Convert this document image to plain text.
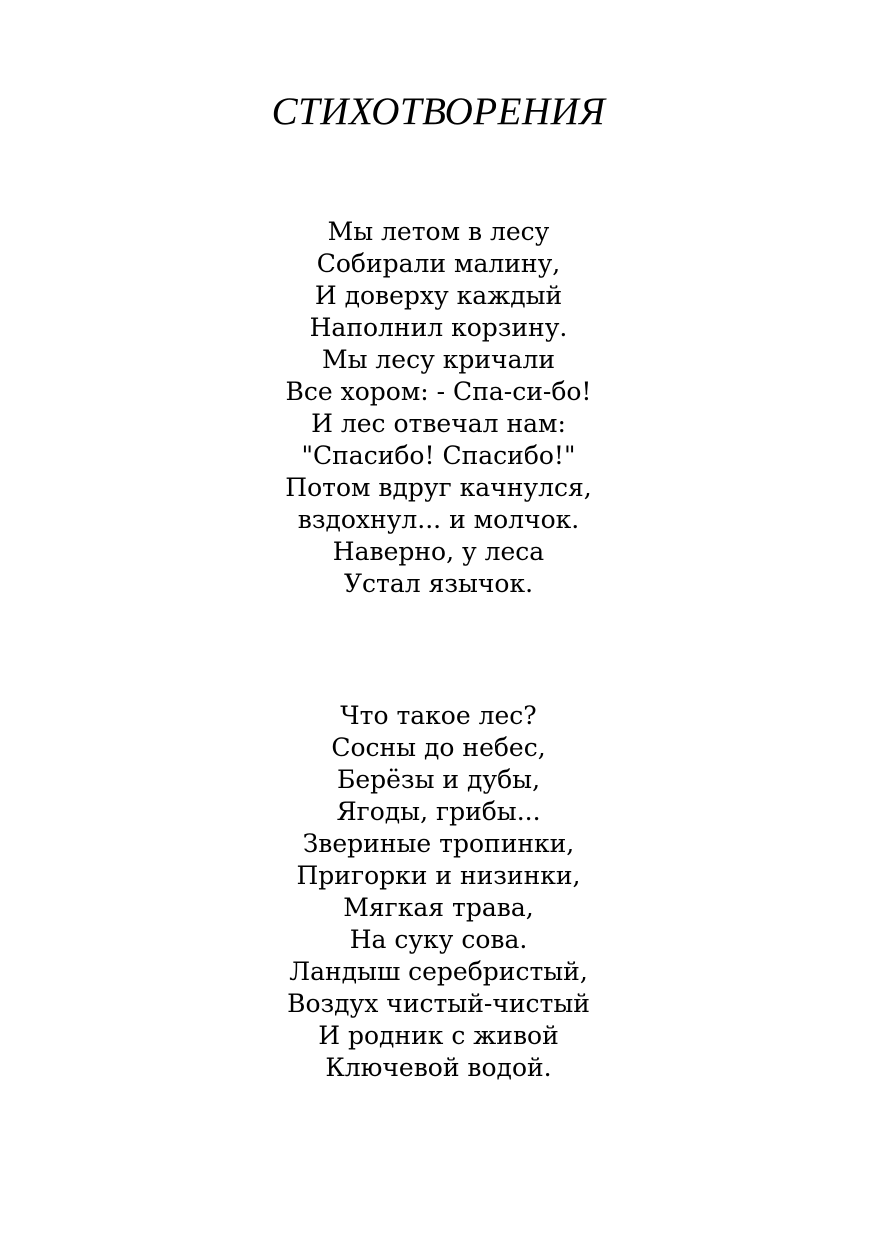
СТИХОТВОРЕНИЯ
Мы летом в лесу
Собирали малину,
И доверху каждый
Наполнил корзину.
Мы лесу кричали
Все хором: - Спа-си-бо!
И лес отвечал нам:
"Спасибо! Спасибо!"
Потом вдруг качнулся,
вздохнул... и молчок.
Наверно, у леса
Устал язычок.
Что такое лес?
Сосны до небес,
Берёзы и дубы,
Ягоды, грибы...
Звериные тропинки,
Пригорки и низинки,
Мягкая трава,
На суку сова.
Ландыш серебристый,
Воздух чистый-чистый
И родник с живой
Ключевой водой.
